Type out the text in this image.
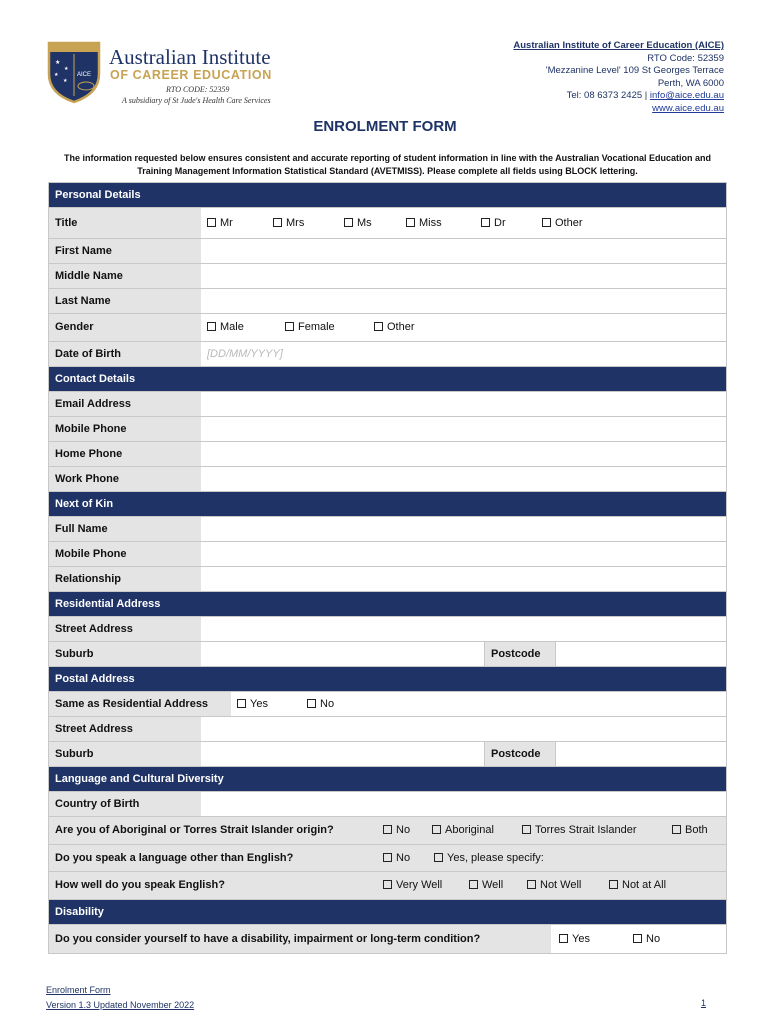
★
★
★
★
AICE
Australian Institute
OF CAREER EDUCATION
RTO CODE: 52359
A subsidiary of St Jude's Health Care Services
Australian Institute of Career Education (AICE)
RTO Code: 52359
'Mezzanine Level' 109 St Georges Terrace
Perth, WA 6000
Tel: 08 6373 2425 | info@aice.edu.au
www.aice.edu.au
ENROLMENT FORM
The information requested below ensures consistent and accurate reporting of student information in line with the Australian Vocational Education and Training Management Information Statistical Standard (AVETMISS). Please complete all fields using BLOCK lettering.
Personal Details
Title	Mr	Mrs	Ms	Miss	Dr	Other
First Name
Middle Name
Last Name
Gender	Male	Female	Other
Date of Birth	[DD/MM/YYYY]
Contact Details
Email Address
Mobile Phone
Home Phone
Work Phone
Next of Kin
Full Name
Mobile Phone
Relationship
Residential Address
Street Address
Suburb	Postcode
Postal Address
Same as Residential Address	Yes	No
Street Address
Suburb	Postcode
Language and Cultural Diversity
Country of Birth
Are you of Aboriginal or Torres Strait Islander origin?	No	Aboriginal	Torres Strait Islander	Both
Do you speak a language other than English?	No	Yes, please specify:
How well do you speak English?	Very Well	Well	Not Well	Not at All
Disability
Do you consider yourself to have a disability, impairment or long-term condition?	Yes	No
Enrolment Form
Version 1.3 Updated November 2022	1
